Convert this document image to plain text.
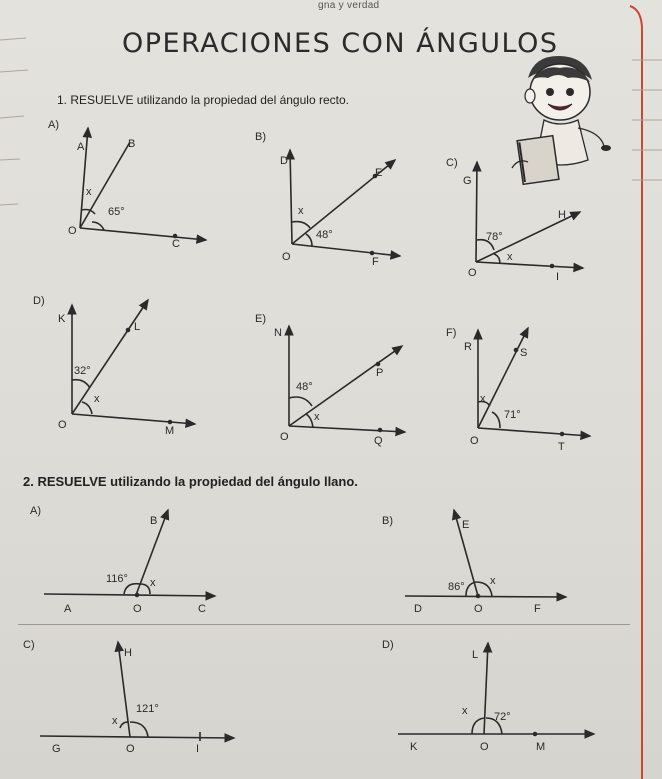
gna y verdad
OPERACIONES CON ÁNGULOS
1. RESUELVE utilizando la propiedad del ángulo recto.
2. RESUELVE utilizando la propiedad del ángulo llano.
A)
A	B
O
C
x
65°
B)
D
E
O	F
x
48°
C)
G
H
O	I
78°
x
D)
K
L
O	M
32°
x
E)
N
P
O	Q
48°
x
F)
R	S
O	T
x
71°
A)
B
A	O	C
116° x
B)	E
D	O	F
86° x
C)
H
G	O	I
121°
x
D)
L
K	O	M
x 72°
